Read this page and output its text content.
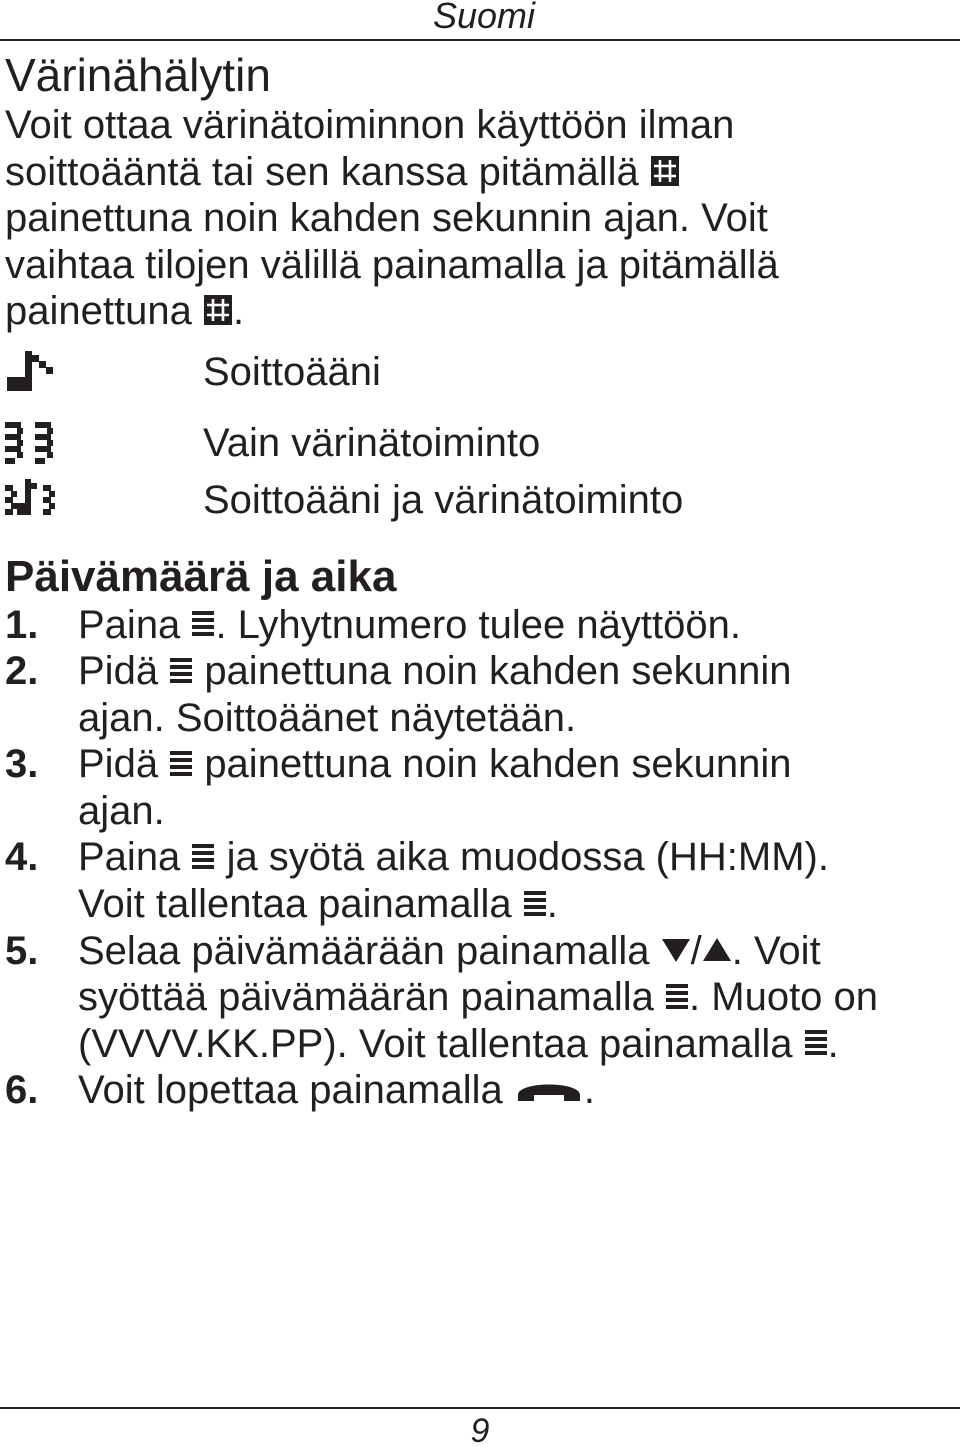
Suomi
Värinähälytin

Voit ottaa värinätoiminnon käyttöön ilman

soittoääntä tai sen kanssa pitämällä

painettuna noin kahden sekunnin ajan. Voit

vaihtaa tilojen välillä painamalla ja pitämällä

painettuna .

Soittoääni
Vain värinätoiminto
Soittoääni ja värinätoiminto
Päivämäärä ja aika
1. Paina . Lyhytnumero tulee näyttöön.
2. Pidä painettuna noin kahden sekunnin
ajan. Soittoäänet näytetään.
3. Pidä painettuna noin kahden sekunnin
ajan.
4. Paina ja syötä aika muodossa (HH:MM).
Voit tallentaa painamalla .
5. Selaa päivämäärään painamalla / . Voit
syöttää päivämäärän painamalla . Muoto on
(VVVV.KK.PP). Voit tallentaa painamalla .
6. Voit lopettaa painamalla .
9
